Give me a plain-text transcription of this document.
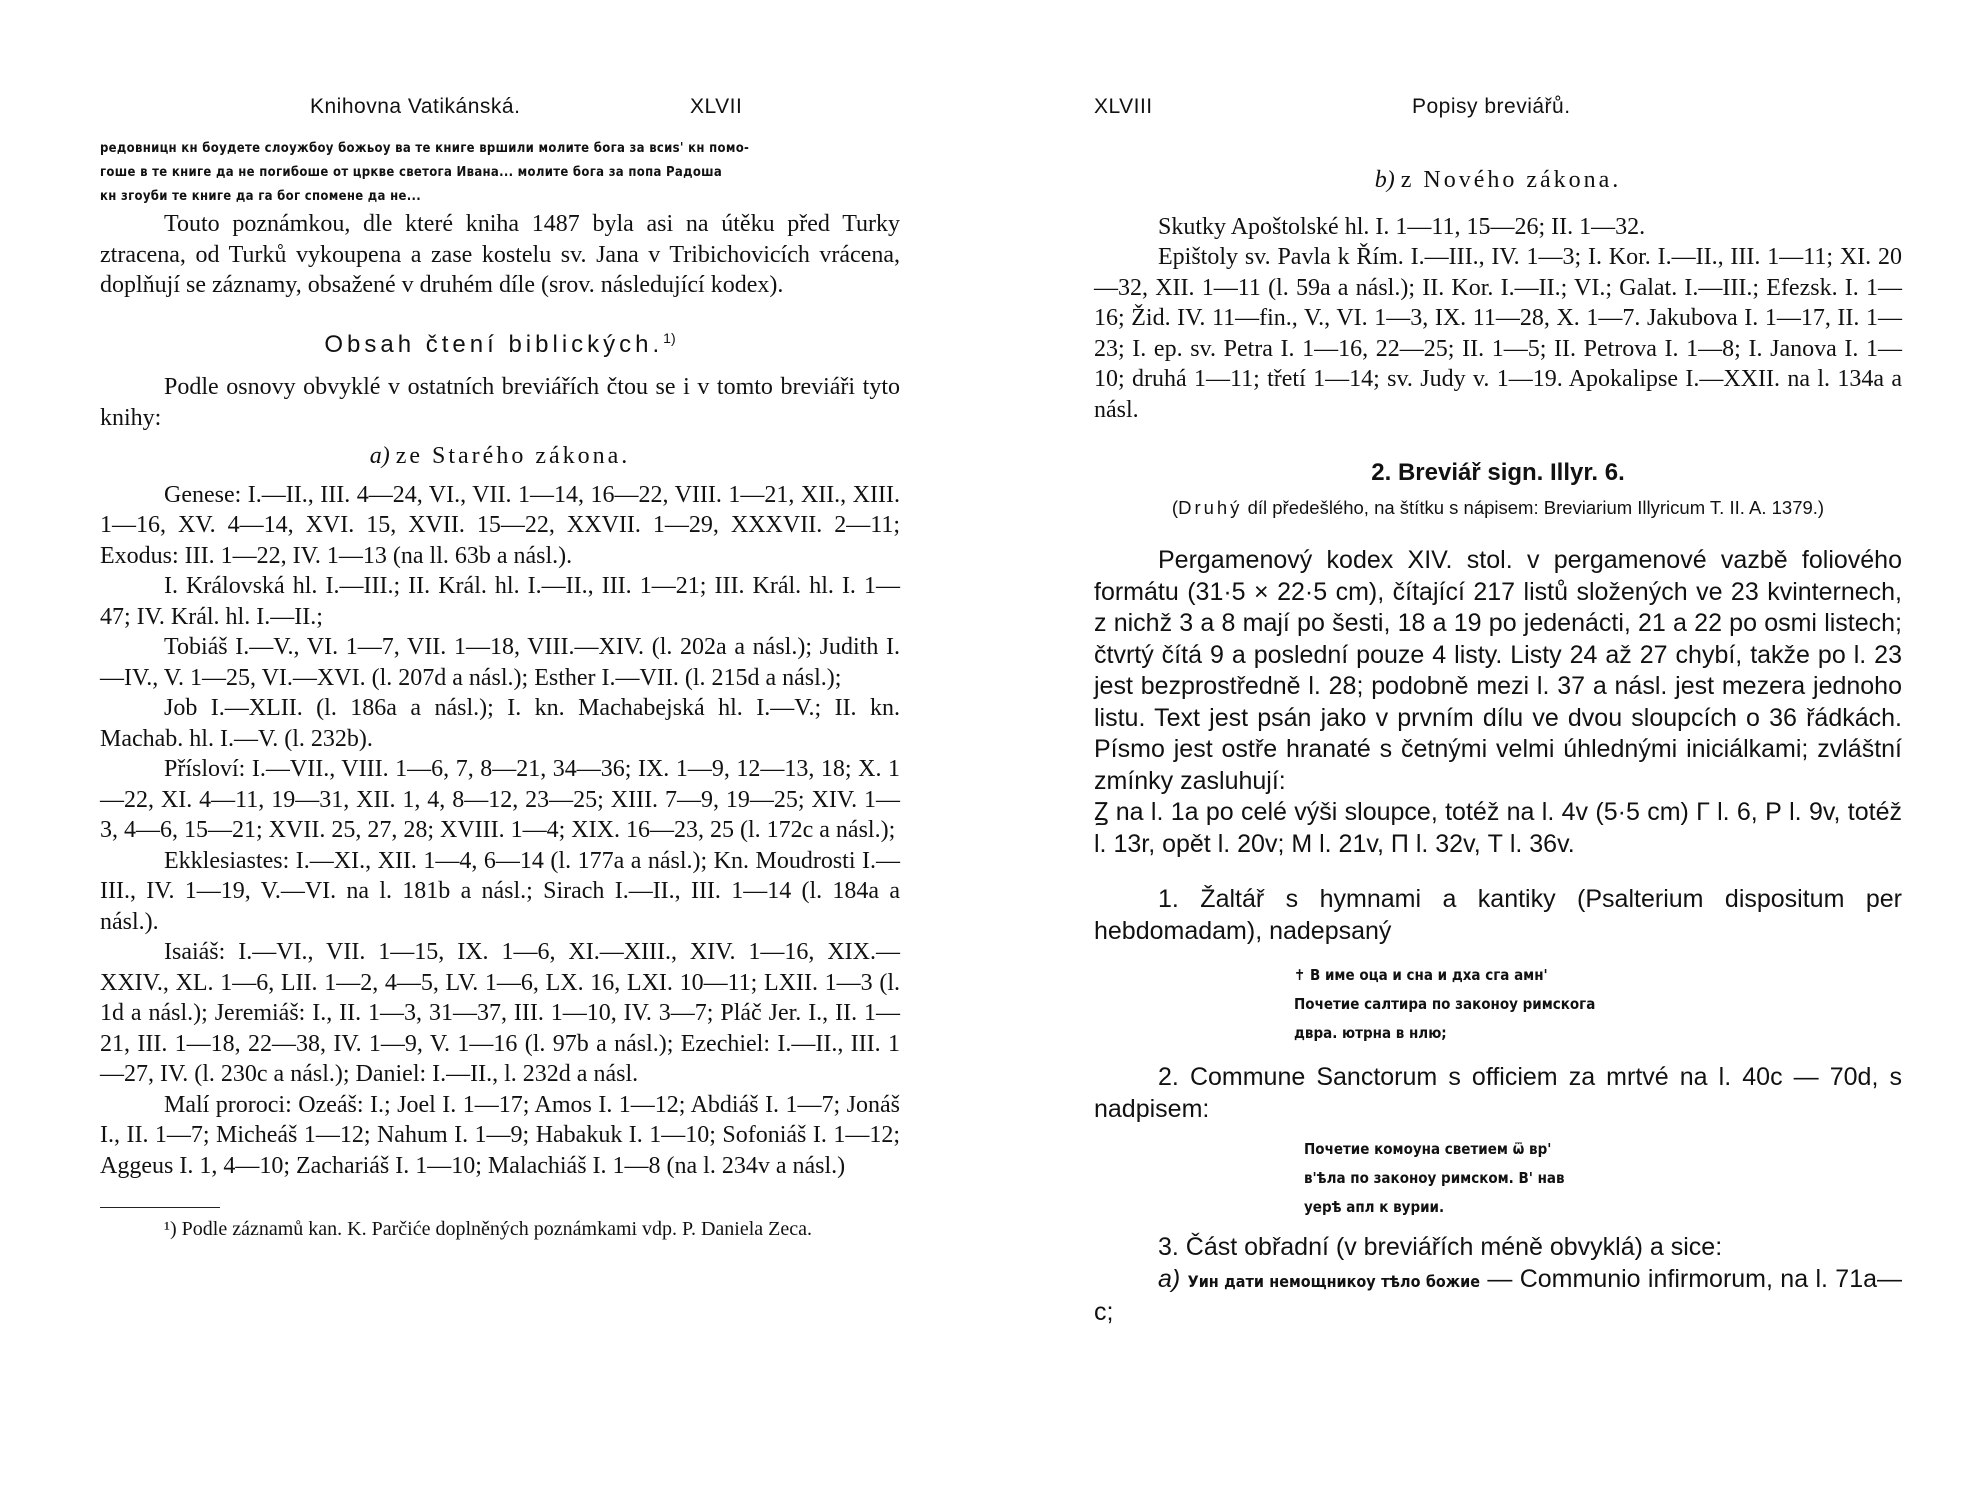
Knihovna Vatikánská.	XLVII
редовницн кн боудете слоужбоу божьоу ва те книге вршили молите бога за всиѕ' кн помо-
гоше в те книге да не погибоше от цркве светога Ивана... молите бога за попа Радоша
кн згоуби те книге да га бог спомене да не...

Touto poznámkou, dle které kniha 1487 byla asi na útěku před Turky ztracena, od Turků vykoupena a zase kostelu sv. Jana v Tribichovicích vrácena, doplňují se záznamy, obsažené v druhém díle (srov. následující kodex).

Obsah čtení biblických.$^{1)}$

Podle osnovy obvyklé v ostatních breviářích čtou se i v tomto breviáři tyto knihy:

a) ze Starého zákona.

Genese: I.—II., III. 4—24, VI., VII. 1—14, 16—22, VIII. 1—21, XII., XIII. 1—16, XV. 4—14, XVI. 15, XVII. 15—22, XXVII. 1—29, XXXVII. 2—11; Exodus: III. 1—22, IV. 1—13 (na ll. 63b a násl.).

I. Královská hl. I.—III.; II. Král. hl. I.—II., III. 1—21; III. Král. hl. I. 1—47; IV. Král. hl. I.—II.;

Tobiáš I.—V., VI. 1—7, VII. 1—18, VIII.—XIV. (l. 202a a násl.); Judith I.—IV., V. 1—25, VI.—XVI. (l. 207d a násl.); Esther I.—VII. (l. 215d a násl.);

Job I.—XLII. (l. 186a a násl.); I. kn. Machabejská hl. I.—V.; II. kn. Machab. hl. I.—V. (l. 232b).

Přísloví: I.—VII., VIII. 1—6, 7, 8—21, 34—36; IX. 1—9, 12—13, 18; X. 1—22, XI. 4—11, 19—31, XII. 1, 4, 8—12, 23—25; XIII. 7—9, 19—25; XIV. 1—3, 4—6, 15—21; XVII. 25, 27, 28; XVIII. 1—4; XIX. 16—23, 25 (l. 172c a násl.);

Ekklesiastes: I.—XI., XII. 1—4, 6—14 (l. 177a a násl.); Kn. Moudrosti I.—III., IV. 1—19, V.—VI. na l. 181b a násl.; Sirach I.—II., III. 1—14 (l. 184a a násl.).

Isaiáš: I.—VI., VII. 1—15, IX. 1—6, XI.—XIII., XIV. 1—16, XIX.—XXIV., XL. 1—6, LII. 1—2, 4—5, LV. 1—6, LX. 16, LXI. 10—11; LXII. 1—3 (l. 1d a násl.); Jeremiáš: I., II. 1—3, 31—37, III. 1—10, IV. 3—7; Pláč Jer. I., II. 1—21, III. 1—18, 22—38, IV. 1—9, V. 1—16 (l. 97b a násl.); Ezechiel: I.—II., III. 1—27, IV. (l. 230c a násl.); Daniel: I.—II., l. 232d a násl.

Malí proroci: Ozeáš: I.; Joel I. 1—17; Amos I. 1—12; Abdiáš I. 1—7; Jonáš I., II. 1—7; Micheáš 1—12; Nahum I. 1—9; Habakuk I. 1—10; Sofoniáš I. 1—12; Aggeus I. 1, 4—10; Zachariáš I. 1—10; Malachiáš I. 1—8 (na l. 234v a násl.)

¹) Podle záznamů kan. K. Parčiće doplněných poznámkami vdp. P. Daniela Zeca.

XLVIII	Popisy breviářů.
b) z Nového zákona.

Skutky Apoštolské hl. I. 1—11, 15—26; II. 1—32.

Epištoly sv. Pavla k Řím. I.—III., IV. 1—3; I. Kor. I.—II., III. 1—11; XI. 20—32, XII. 1—11 (l. 59a a násl.); II. Kor. I.—II.; VI.; Galat. I.—III.; Efezsk. I. 1—16; Žid. IV. 11—fin., V., VI. 1—3, IX. 11—28, X. 1—7. Jakubova I. 1—17, II. 1—23; I. ep. sv. Petra I. 1—16, 22—25; II. 1—5; II. Petrova I. 1—8; I. Janova I. 1—10; druhá 1—11; třetí 1—14; sv. Judy v. 1—19. Apokalipse I.—XXII. na l. 134a a násl.

2. Breviář sign. Illyr. 6.
(Druhý díl předešlého, na štítku s nápisem: Breviarium Illyricum T. II. A. 1379.)

Pergamenový kodex XIV. stol. v pergamenové vazbě foliového formátu (31·5 × 22·5 cm), čítající 217 listů složených ve 23 kvinternech, z nichž 3 a 8 mají po šesti, 18 a 19 po jedenácti, 21 a 22 po osmi listech; čtvrtý čítá 9 a poslední pouze 4 listy. Listy 24 až 27 chybí, takže po l. 23 jest bezprostředně l. 28; podobně mezi l. 37 a násl. jest mezera jednoho listu. Text jest psán jako v prvním dílu ve dvou sloupcích o 36 řádkách. Písmo jest ostře hranaté s četnými velmi úhlednými iniciálkami; zvláštní zmínky zasluhují:

Ꙁ na l. 1a po celé výši sloupce, totéž na l. 4v (5·5 cm) Г l. 6, Р l. 9v, totéž l. 13r, opět l. 20v; М l. 21v, П l. 32v, Т l. 36v.

1. Žaltář s hymnami a kantiky (Psalterium dispositum per hebdomadam), nadepsaný

✝ В име оца и сна и дха сга амн'
Почетие салтира по законоу римскога
двра. ютрна в нлю;

2. Commune Sanctorum s officiem za mrtvé na l. 40c — 70d, s nadpisem:

Почетие комоуна светием ѿ вр'
в'ѣла по законоу римском. В' нав
уерѣ апл к вурии.

3. Část obřadní (v breviářích méně obvyklá) a sice:

a) Уин дати немощникоу тѣло божие — Communio infirmorum, na l. 71a—c;
